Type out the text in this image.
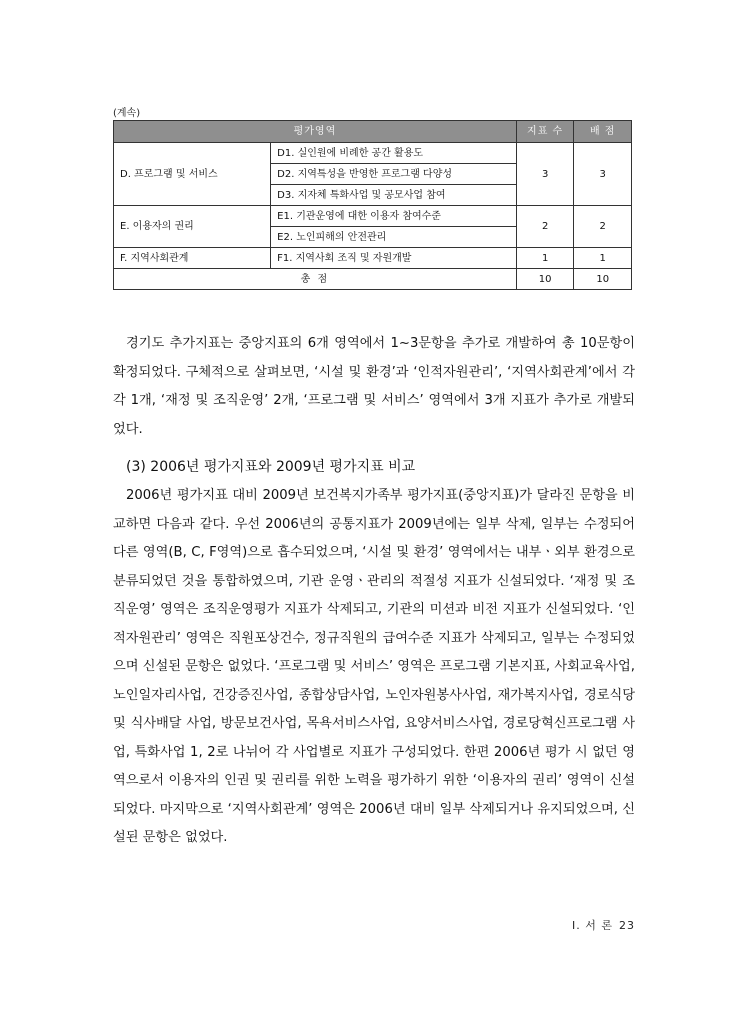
(계속)
평가영역		지표 수	배 점
D. 프로그램 및 서비스	D1. 실인원에 비례한 공간 활용도	3	3
	D2. 지역특성을 반영한 프로그램 다양성		
	D3. 지자체 특화사업 및 공모사업 참여		
E. 이용자의 권리	E1. 기관운영에 대한 이용자 참여수준	2	2
	E2. 노인피해의 안전관리		
F. 지역사회관계	F1. 지역사회 조직 및 자원개발	1	1
총 점		10	10

경기도 추가지표는 중앙지표의 6개 영역에서 1~3문항을 추가로 개발하여 총 10문항이 확정되었다. 구체적으로 살펴보면, ‘시설 및 환경’과 ‘인적자원관리’, ‘지역사회관계’에서 각각 1개, ‘재정 및 조직운영’ 2개, ‘프로그램 및 서비스’ 영역에서 3개 지표가 추가로 개발되었다.

(3) 2006년 평가지표와 2009년 평가지표 비교

2006년 평가지표 대비 2009년 보건복지가족부 평가지표(중앙지표)가 달라진 문항을 비교하면 다음과 같다. 우선 2006년의 공통지표가 2009년에는 일부 삭제, 일부는 수정되어 다른 영역(B, C, F영역)으로 흡수되었으며, ‘시설 및 환경’ 영역에서는 내부ㆍ외부 환경으로 분류되었던 것을 통합하였으며, 기관 운영ㆍ관리의 적절성 지표가 신설되었다. ‘재정 및 조직운영’ 영역은 조직운영평가 지표가 삭제되고, 기관의 미션과 비전 지표가 신설되었다. ‘인적자원관리’ 영역은 직원포상건수, 정규직원의 급여수준 지표가 삭제되고, 일부는 수정되었으며 신설된 문항은 없었다. ‘프로그램 및 서비스’ 영역은 프로그램 기본지표, 사회교육사업, 노인일자리사업, 건강증진사업, 종합상담사업, 노인자원봉사사업, 재가복지사업, 경로식당 및 식사배달 사업, 방문보건사업, 목욕서비스사업, 요양서비스사업, 경로당혁신프로그램 사업, 특화사업 1, 2로 나뉘어 각 사업별로 지표가 구성되었다. 한편 2006년 평가 시 없던 영역으로서 이용자의 인권 및 권리를 위한 노력을 평가하기 위한 ‘이용자의 권리’ 영역이 신설되었다. 마지막으로 ‘지역사회관계’ 영역은 2006년 대비 일부 삭제되거나 유지되었으며, 신설된 문항은 없었다.

Ⅰ. 서 론 23
